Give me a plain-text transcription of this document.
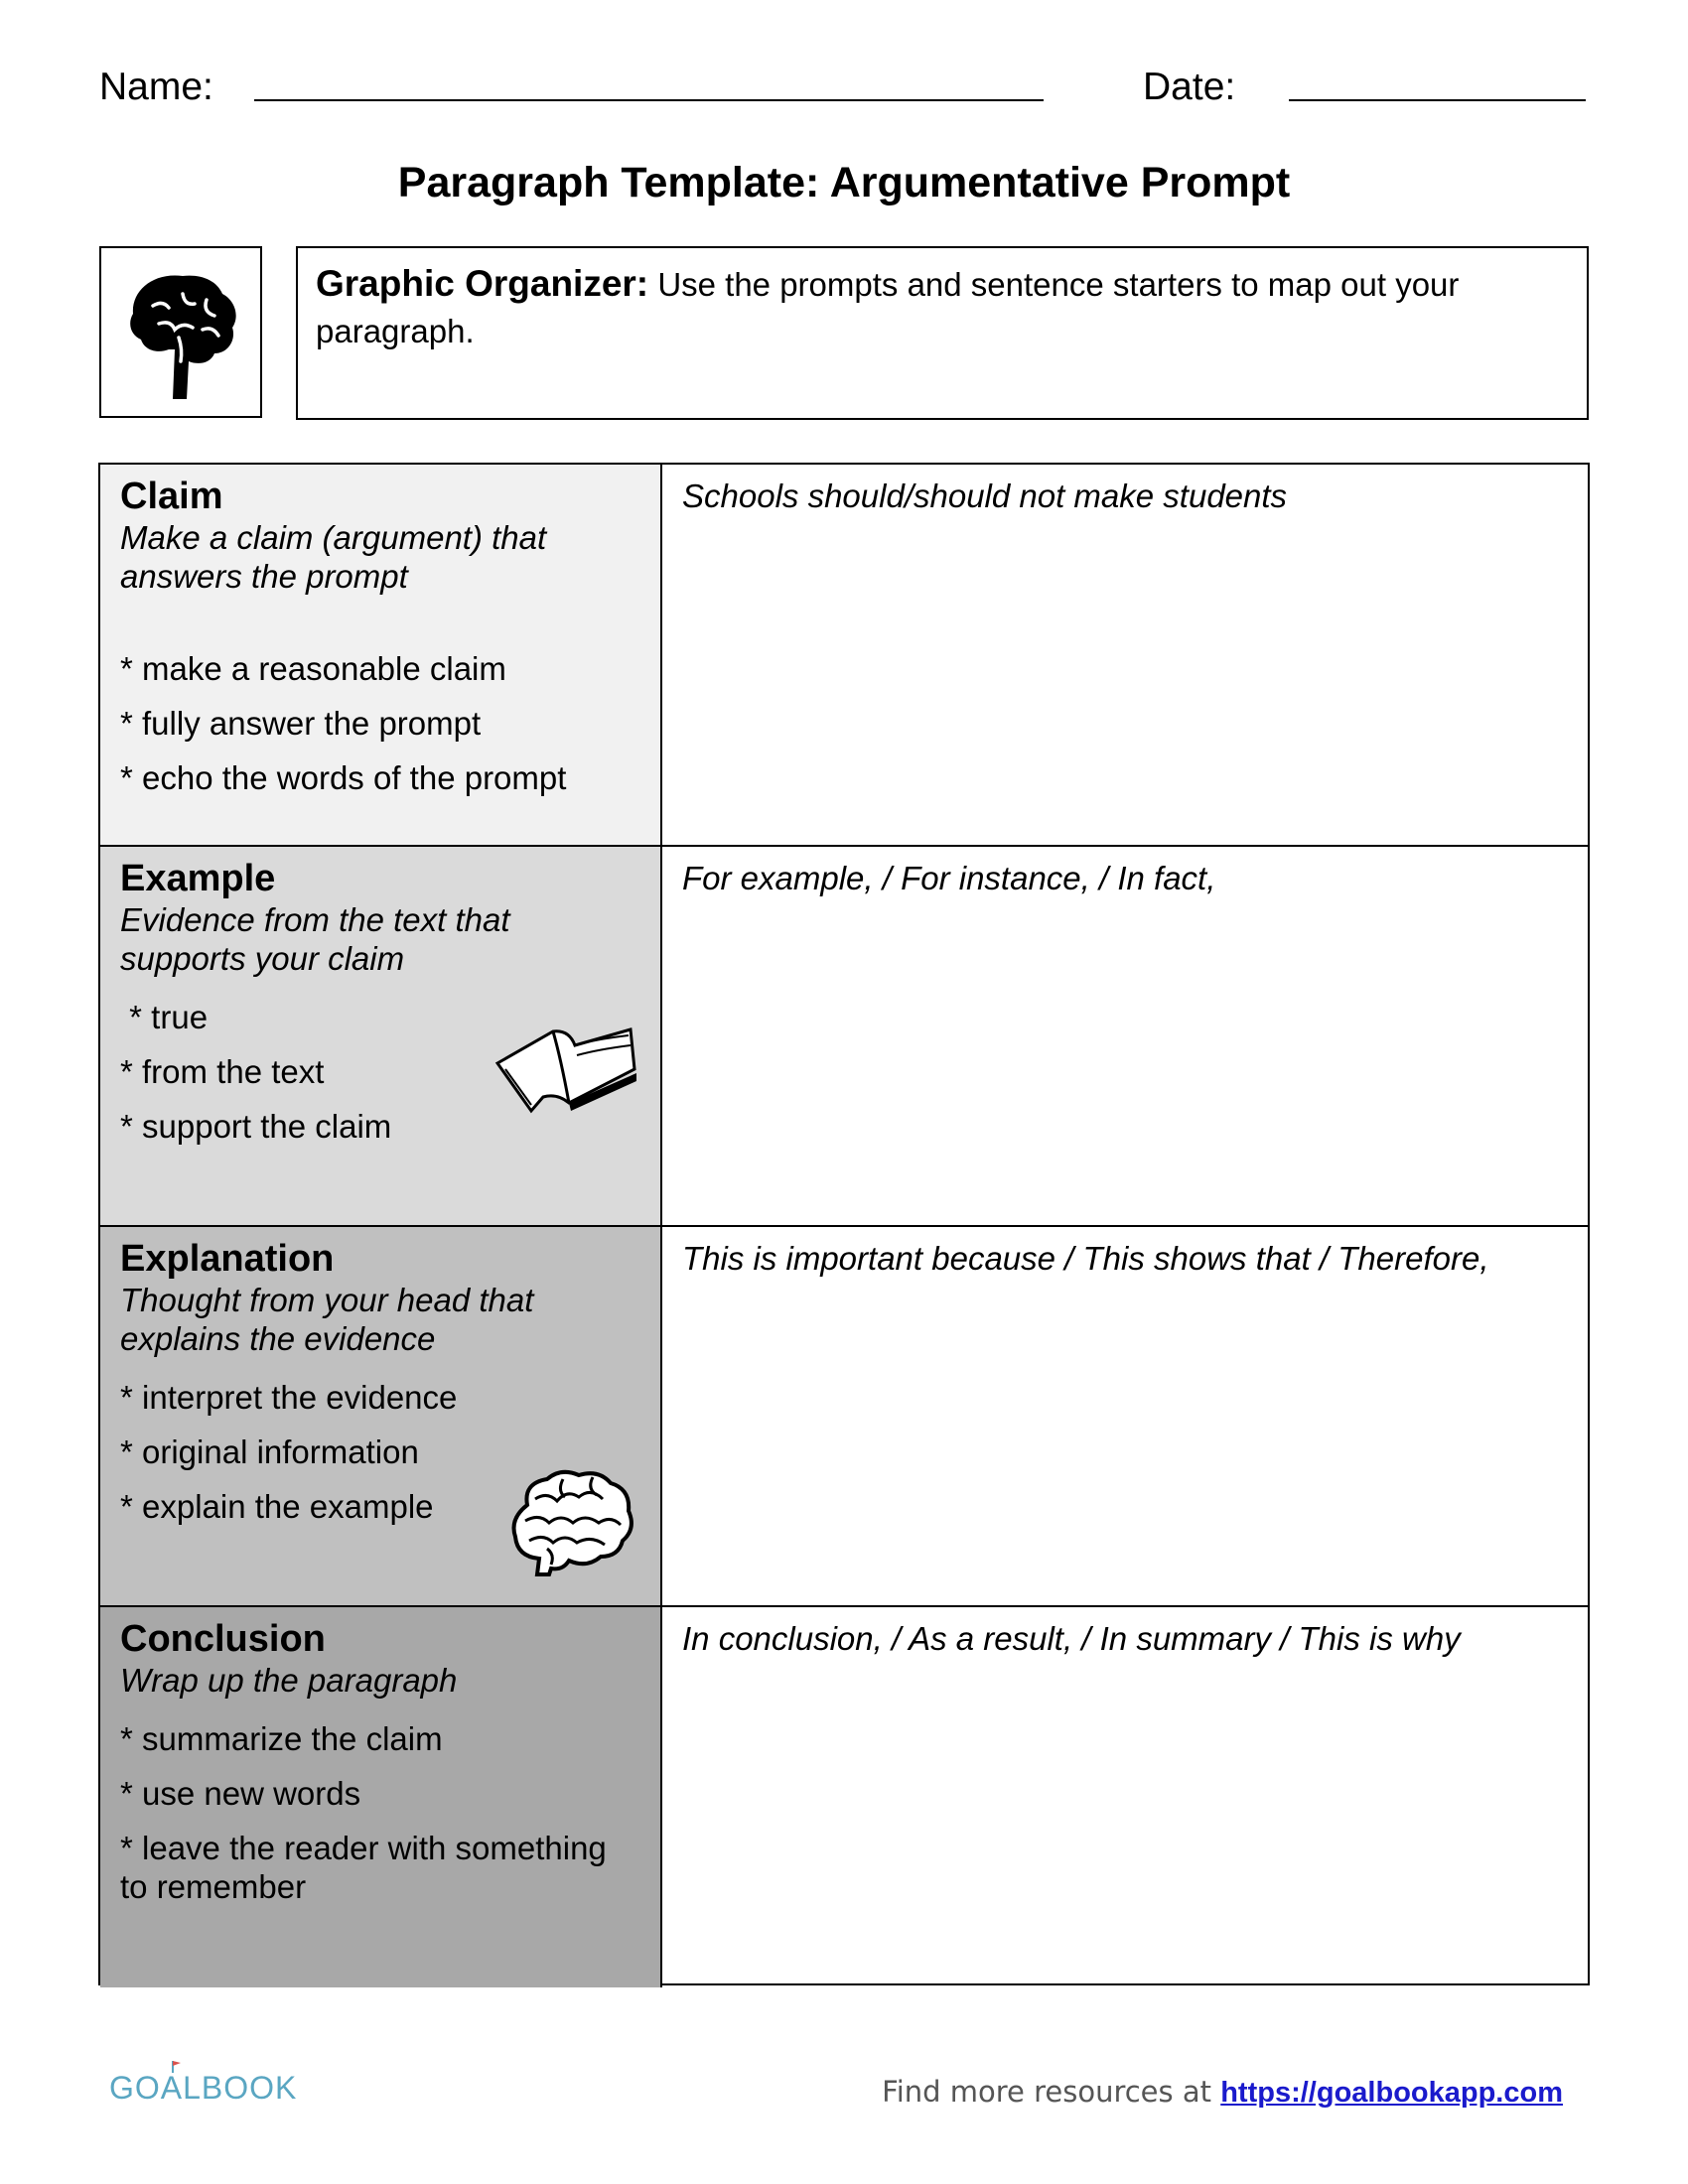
Name:	Date:
Paragraph Template: Argumentative Prompt
Graphic Organizer: Use the prompts and sentence starters to map out your paragraph.
Claim
Make a claim (argument) that answers the prompt
* make a reasonable claim
* fully answer the prompt
* echo the words of the prompt
Schools should/should not make students
Example
Evidence from the text that supports your claim
* true
* from the text
* support the claim
For example, / For instance, / In fact,
Explanation
Thought from your head that explains the evidence
* interpret the evidence
* original information
* explain the example
This is important because / This shows that / Therefore,
Conclusion
Wrap up the paragraph
* summarize the claim
* use new words
* leave the reader with something to remember
In conclusion, / As a result, / In summary / This is why
GOALBOOK	Find more resources at https://goalbookapp.com
